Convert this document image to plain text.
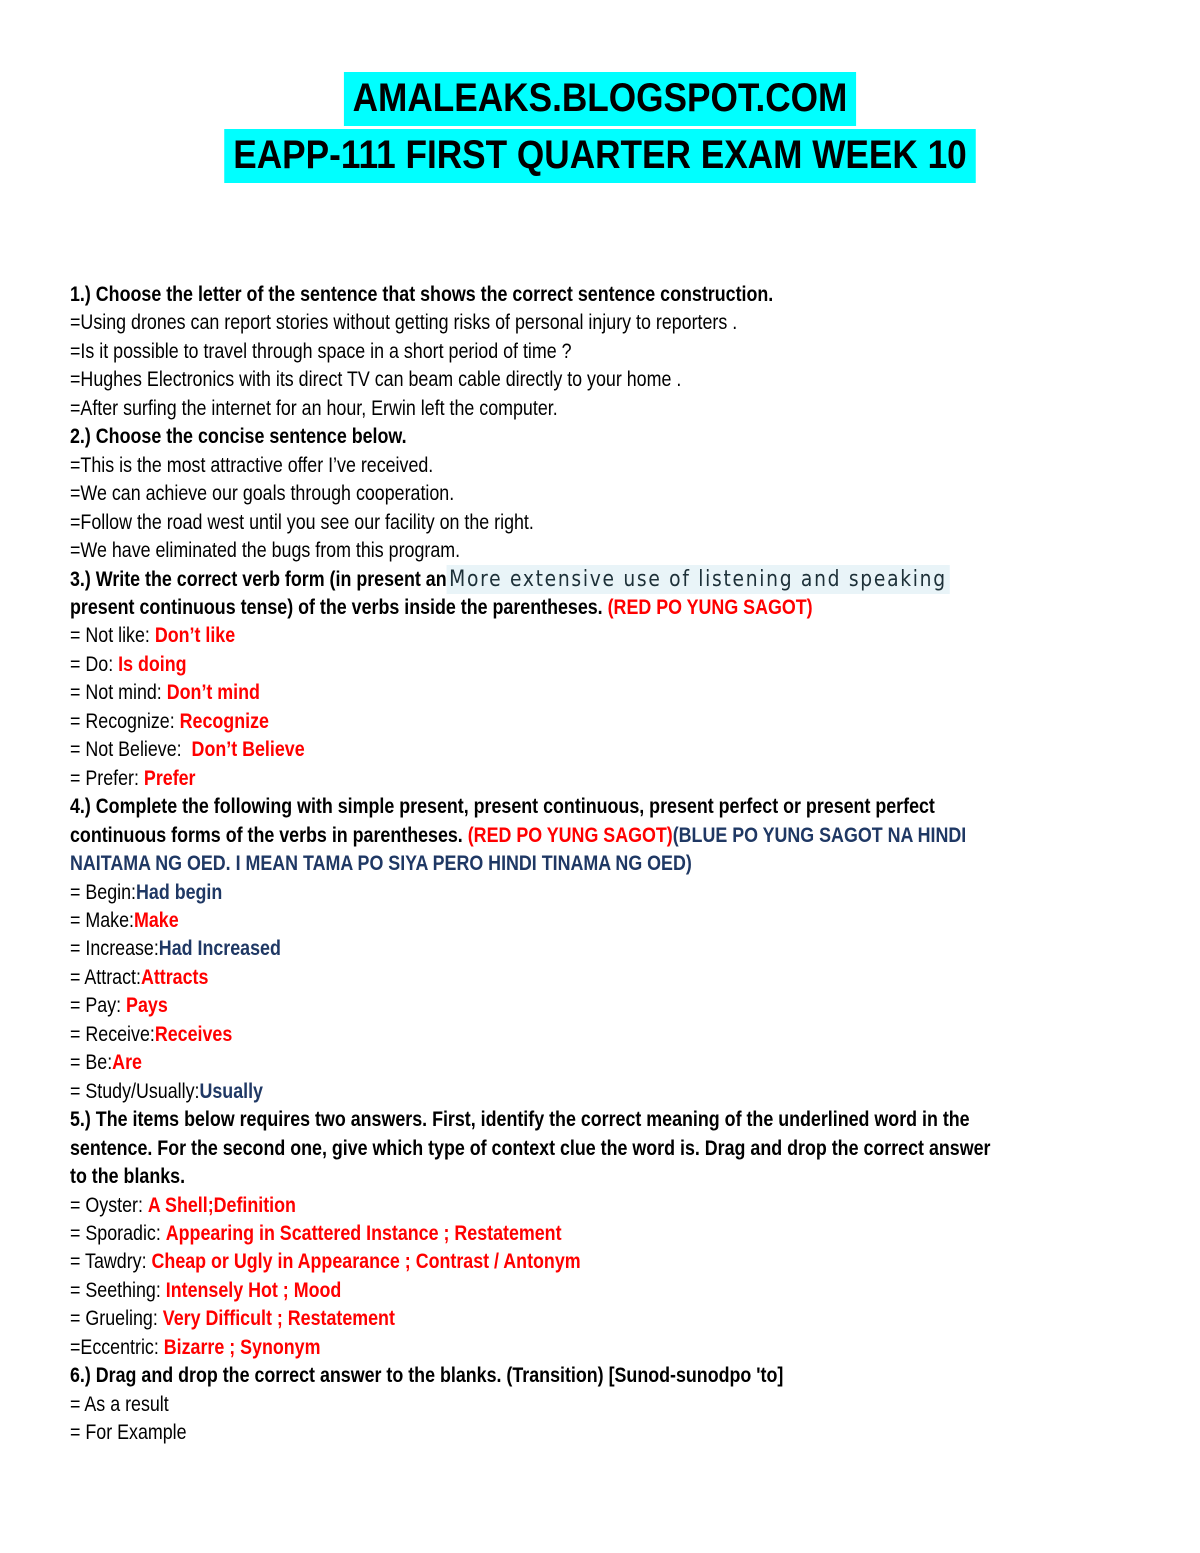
AMALEAKS.BLOGSPOT.COM
EAPP-111 FIRST QUARTER EXAM WEEK 10
1.) Choose the letter of the sentence that shows the correct sentence construction.
=Using drones can report stories without getting risks of personal injury to reporters .
=Is it possible to travel through space in a short period of time ?
=Hughes Electronics with its direct TV can beam cable directly to your home .
=After surfing the internet for an hour, Erwin left the computer.
2.) Choose the concise sentence below.
=This is the most attractive offer I’ve received.
=We can achieve our goals through cooperation.
=Follow the road west until you see our facility on the right.
=We have eliminated the bugs from this program.
3.) Write the correct verb form (in present an More extensive use of listening and speaking
present continuous tense) of the verbs inside the parentheses. (RED PO YUNG SAGOT)
= Not like: Don’t like
= Do: Is doing
= Not mind: Don’t mind
= Recognize: Recognize
= Not Believe:  Don’t Believe
= Prefer: Prefer
4.) Complete the following with simple present, present continuous, present perfect or present perfect
continuous forms of the verbs in parentheses. (RED PO YUNG SAGOT)(BLUE PO YUNG SAGOT NA HINDI
NAITAMA NG OED. I MEAN TAMA PO SIYA PERO HINDI TINAMA NG OED)
= Begin:Had begin
= Make:Make
= Increase:Had Increased
= Attract:Attracts
= Pay: Pays
= Receive:Receives
= Be:Are
= Study/Usually:Usually
5.) The items below requires two answers. First, identify the correct meaning of the underlined word in the
sentence. For the second one, give which type of context clue the word is. Drag and drop the correct answer
to the blanks.
= Oyster: A Shell;Definition
= Sporadic: Appearing in Scattered Instance ; Restatement
= Tawdry: Cheap or Ugly in Appearance ; Contrast / Antonym
= Seething: Intensely Hot ; Mood
= Grueling: Very Difficult ; Restatement
=Eccentric: Bizarre ; Synonym
6.) Drag and drop the correct answer to the blanks. (Transition) [Sunod-sunodpo 'to]
= As a result
= For Example
